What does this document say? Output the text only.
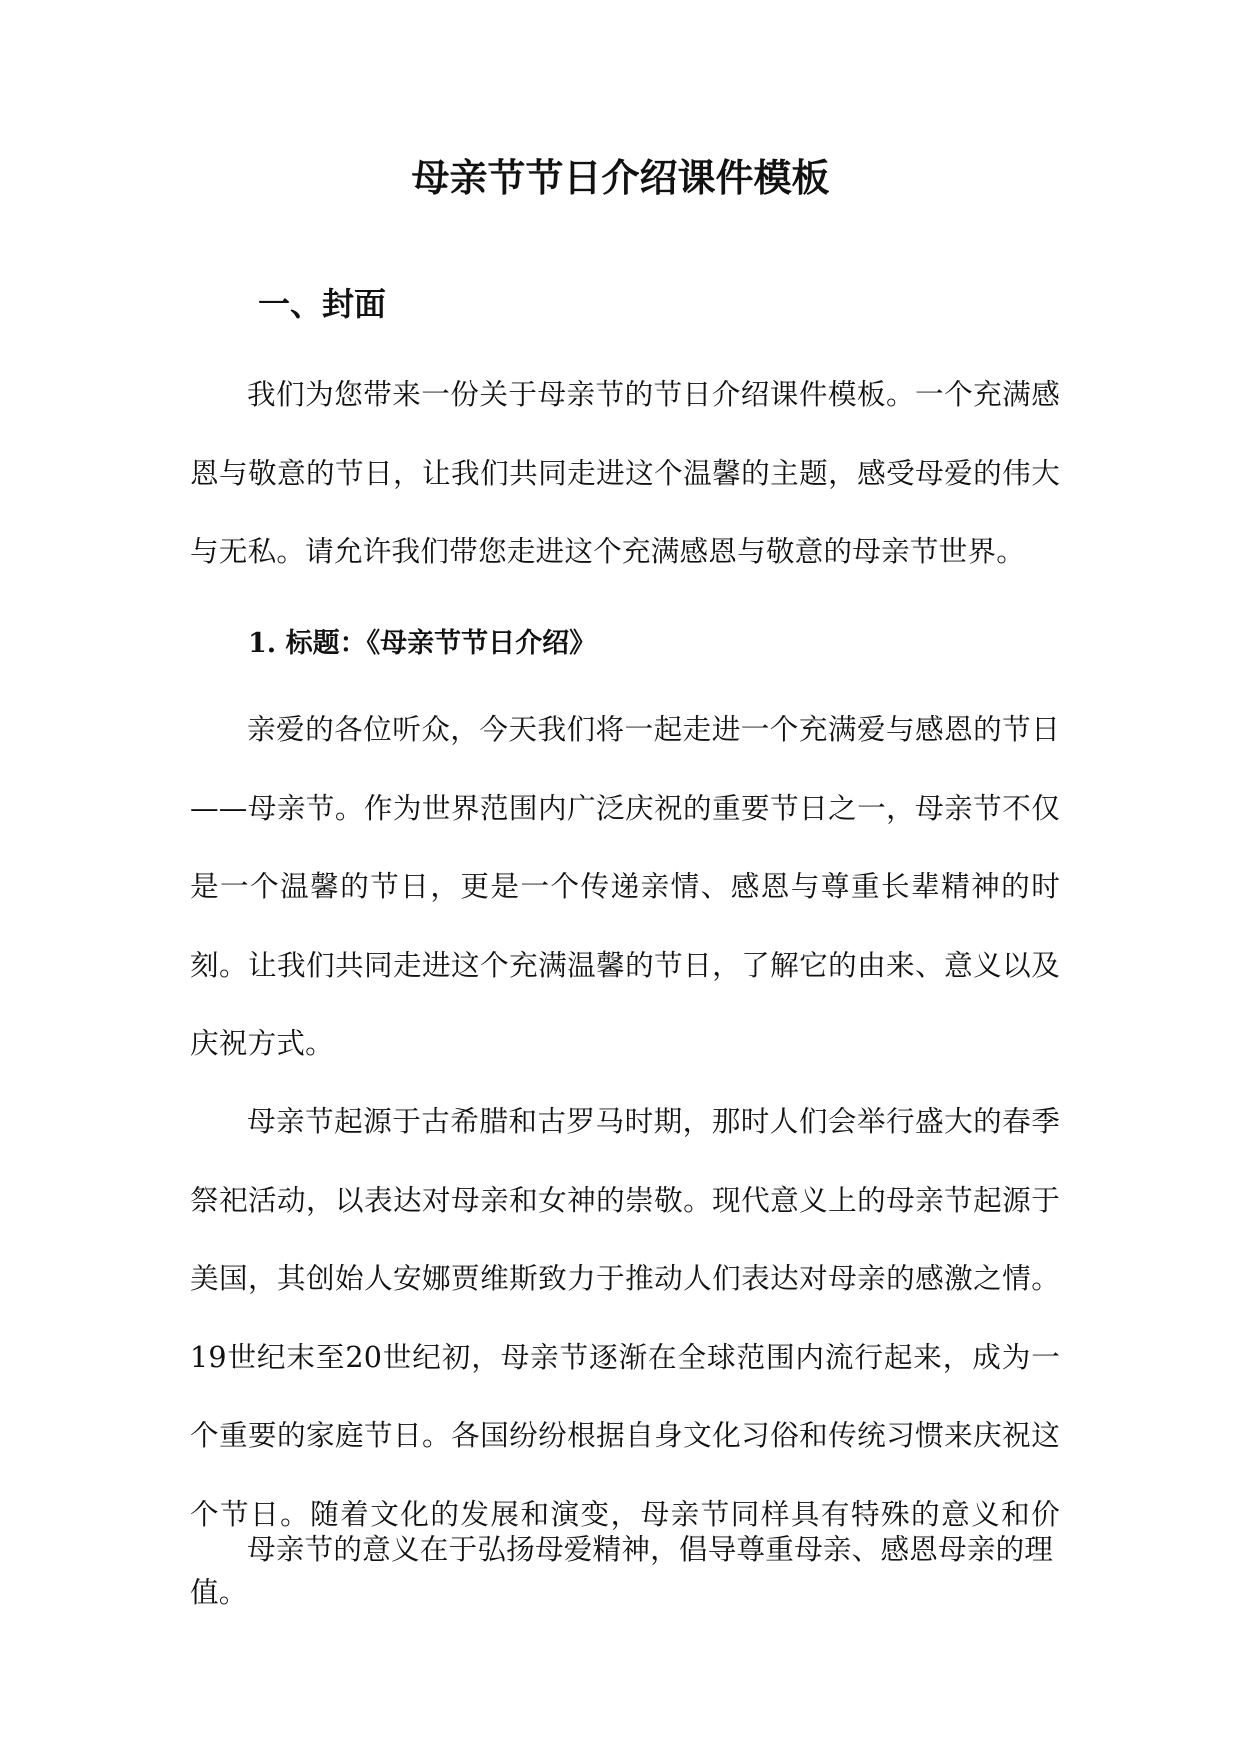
母亲节节日介绍课件模板
一、封面

我们为您带来一份关于母亲节的节日介绍课件模板。一个充满感恩与敬意的节日，让我们共同走进这个温馨的主题，感受母爱的伟大与无私。请允许我们带您走进这个充满感恩与敬意的母亲节世界。

1. 标题：《母亲节节日介绍》

亲爱的各位听众，今天我们将一起走进一个充满爱与感恩的节日——母亲节。作为世界范围内广泛庆祝的重要节日之一，母亲节不仅是一个温馨的节日，更是一个传递亲情、感恩与尊重长辈精神的时刻。让我们共同走进这个充满温馨的节日，了解它的由来、意义以及庆祝方式。

母亲节起源于古希腊和古罗马时期，那时人们会举行盛大的春季祭祀活动，以表达对母亲和女神的崇敬。现代意义上的母亲节起源于美国，其创始人安娜贾维斯致力于推动人们表达对母亲的感激之情。19世纪末至20世纪初，母亲节逐渐在全球范围内流行起来，成为一个重要的家庭节日。各国纷纷根据自身文化习俗和传统习惯来庆祝这个节日。随着文化的发展和演变，母亲节同样具有特殊的意义和价值。

母亲节的意义在于弘扬母爱精神，倡导尊重母亲、感恩母亲的理
